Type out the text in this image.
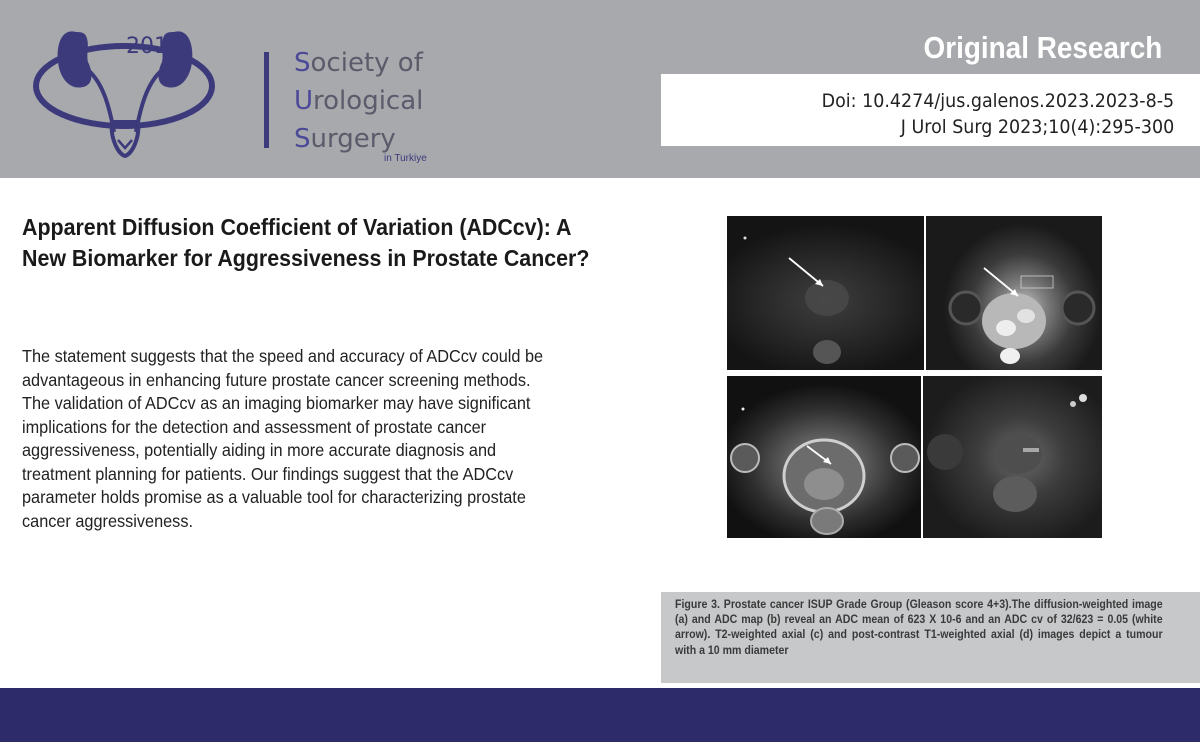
2010
Society of
Urological
Surgery
in Turkiye
Original Research
Doi: 10.4274/jus.galenos.2023.2023-8-5
J Urol Surg 2023;10(4):295-300
Apparent Diffusion Coefficient of Variation (ADCcv): A New Biomarker for Aggressiveness in Prostate Cancer?

The statement suggests that the speed and accuracy of ADCcv could be advantageous in enhancing future prostate cancer screening methods. The validation of ADCcv as an imaging biomarker may have significant implications for the detection and assessment of prostate cancer aggressiveness, potentially aiding in more accurate diagnosis and treatment planning for patients. Our findings suggest that the ADCcv parameter holds promise as a valuable tool for characterizing prostate cancer aggressiveness.

Figure 3. Prostate cancer ISUP Grade Group (Gleason score 4+3).The diffusion-weighted image (a) and ADC map (b) reveal an ADC mean of 623 X 10-6 and an ADC cv of 32/623 = 0.05 (white arrow). T2-weighted axial (c) and post-contrast T1-weighted axial (d) images depict a tumour with a 10 mm diameter
